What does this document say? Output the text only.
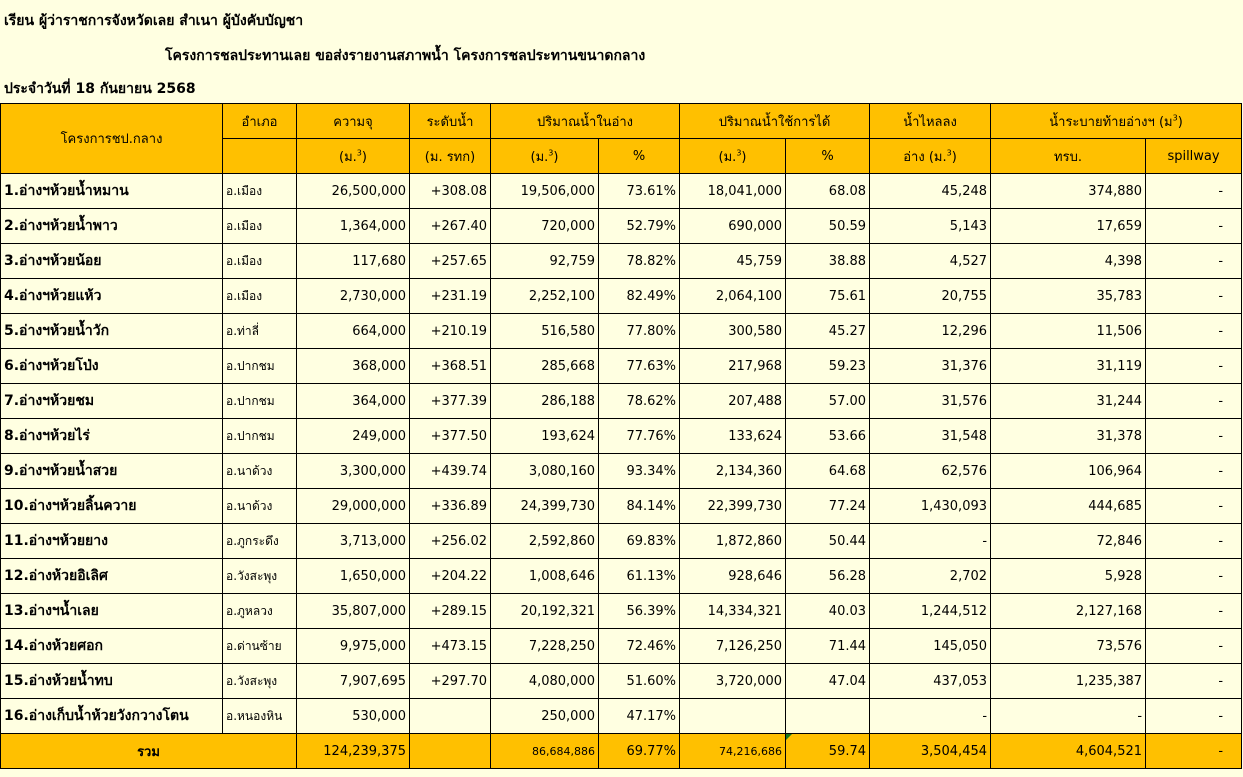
เรียน ผู้ว่าราชการจังหวัดเลย สำเนา ผู้บังคับบัญชา
โครงการชลประทานเลย ขอส่งรายงานสภาพน้ำ โครงการชลประทานขนาดกลาง
ประจำวันที่ 18 กันยายน 2568
โครงการชป.กลาง	อำเภอ	ความจุ	ระดับน้ำ	ปริมาณน้ำในอ่าง		ปริมาณน้ำใช้การได้		น้ำไหลลง	น้ำระบายท้ายอ่างฯ (ม$^3$)	
		(ม.$^3$)	(ม. รทก)	(ม.$^3$)	%	(ม.$^3$)	%	อ่าง (ม.$^3$)	ทรบ.	spillway
1.อ่างฯห้วยน้ำหมาน	อ.เมือง	26,500,000	+308.08	19,506,000	73.61%	18,041,000	68.08	45,248	374,880	-
2.อ่างฯห้วยน้ำพาว	อ.เมือง	1,364,000	+267.40	720,000	52.79%	690,000	50.59	5,143	17,659	-
3.อ่างฯห้วยน้อย	อ.เมือง	117,680	+257.65	92,759	78.82%	45,759	38.88	4,527	4,398	-
4.อ่างฯห้วยแห้ว	อ.เมือง	2,730,000	+231.19	2,252,100	82.49%	2,064,100	75.61	20,755	35,783	-
5.อ่างฯห้วยน้ำวัก	อ.ท่าลี่	664,000	+210.19	516,580	77.80%	300,580	45.27	12,296	11,506	-
6.อ่างฯห้วยโป่ง	อ.ปากชม	368,000	+368.51	285,668	77.63%	217,968	59.23	31,376	31,119	-
7.อ่างฯห้วยชม	อ.ปากชม	364,000	+377.39	286,188	78.62%	207,488	57.00	31,576	31,244	-
8.อ่างฯห้วยไร่	อ.ปากชม	249,000	+377.50	193,624	77.76%	133,624	53.66	31,548	31,378	-
9.อ่างฯห้วยน้ำสวย	อ.นาด้วง	3,300,000	+439.74	3,080,160	93.34%	2,134,360	64.68	62,576	106,964	-
10.อ่างฯห้วยลิ้นควาย	อ.นาด้วง	29,000,000	+336.89	24,399,730	84.14%	22,399,730	77.24	1,430,093	444,685	-
11.อ่างฯห้วยยาง	อ.ภูกระดึง	3,713,000	+256.02	2,592,860	69.83%	1,872,860	50.44	-	72,846	-
12.อ่างห้วยอิเลิศ	อ.วังสะพุง	1,650,000	+204.22	1,008,646	61.13%	928,646	56.28	2,702	5,928	-
13.อ่างฯน้ำเลย	อ.ภูหลวง	35,807,000	+289.15	20,192,321	56.39%	14,334,321	40.03	1,244,512	2,127,168	-
14.อ่างห้วยศอก	อ.ด่านซ้าย	9,975,000	+473.15	7,228,250	72.46%	7,126,250	71.44	145,050	73,576	-
15.อ่างห้วยน้ำทบ	อ.วังสะพุง	7,907,695	+297.70	4,080,000	51.60%	3,720,000	47.04	437,053	1,235,387	-
16.อ่างเก็บน้ำห้วยวังกวางโตน	อ.หนองหิน	530,000		250,000	47.17%			-	-	-
รวม		124,239,375		86,684,886	69.77%	74,216,686	59.74	3,504,454	4,604,521	-
